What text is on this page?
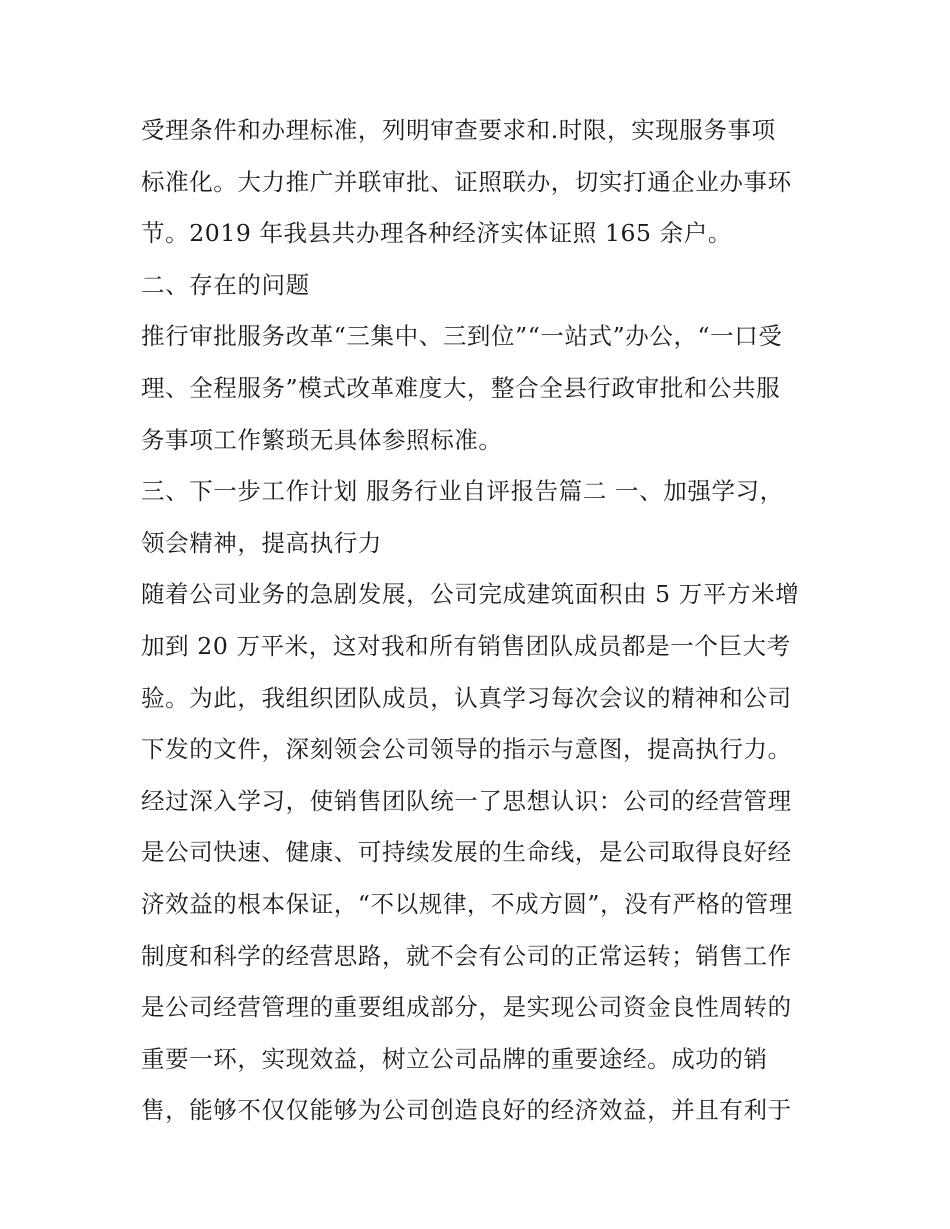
受理条件和办理标准，列明审查要求和.时限，实现服务事项
标准化。大力推广并联审批、证照联办，切实打通企业办事环
节。2019 年我县共办理各种经济实体证照 165 余户。
二、存在的问题
推行审批服务改革“三集中、三到位”“一站式”办公，“一口受
理、全程服务”模式改革难度大，整合全县行政审批和公共服
务事项工作繁琐无具体参照标准。
三、下一步工作计划 服务行业自评报告篇二 一、加强学习，
领会精神，提高执行力
随着公司业务的急剧发展，公司完成建筑面积由 5 万平方米增
加到 20 万平米，这对我和所有销售团队成员都是一个巨大考
验。为此，我组织团队成员，认真学习每次会议的精神和公司
下发的文件，深刻领会公司领导的指示与意图，提高执行力。
经过深入学习，使销售团队统一了思想认识：公司的经营管理
是公司快速、健康、可持续发展的生命线，是公司取得良好经
济效益的根本保证，“不以规律，不成方圆”，没有严格的管理
制度和科学的经营思路，就不会有公司的正常运转；销售工作
是公司经营管理的重要组成部分，是实现公司资金良性周转的
重要一环，实现效益，树立公司品牌的重要途经。成功的销
售，能够不仅仅能够为公司创造良好的经济效益，并且有利于
